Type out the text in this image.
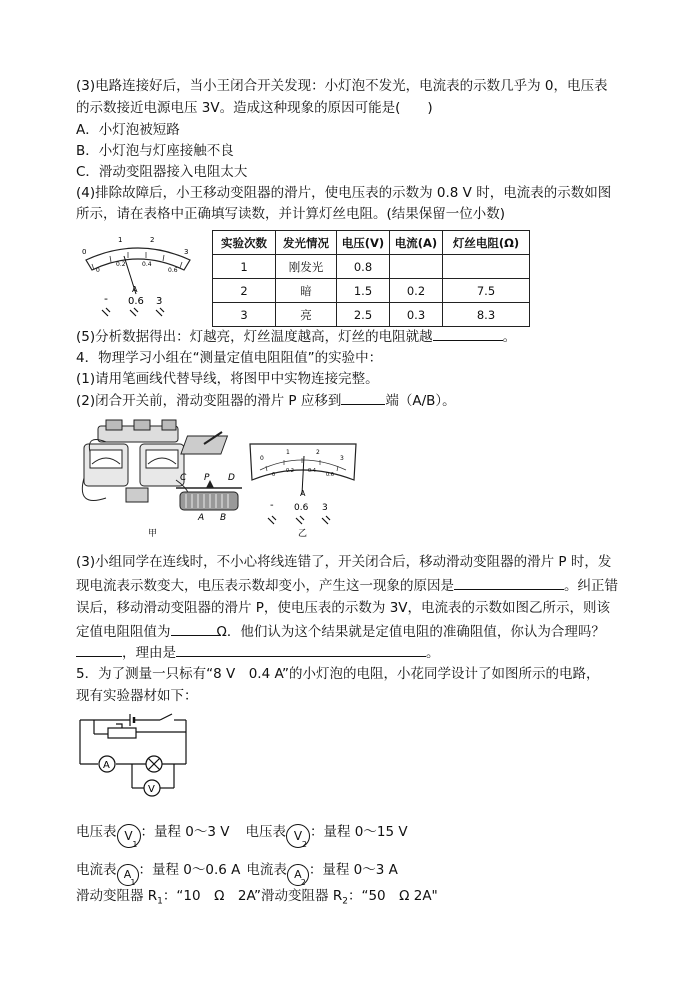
(3)电路连接好后，当小王闭合开关发现：小灯泡不发光，电流表的示数几乎为 0，电压表
的示数接近电源电压 3V。造成这种现象的原因可能是(　　)
A．小灯泡被短路
B．小灯泡与灯座接触不良
C．滑动变阻器接入电阻太大
(4)排除故障后，小王移动变阻器的滑片，使电压表的示数为 0.8 V 时，电流表的示数如图
所示，请在表格中正确填写读数，并计算灯丝电阻。(结果保留一位小数)
0
1	2
3
0
0.2	0.4
0.6
A
- 0.6 3
实验次数	发光情况	电压(V)	电流(A)	灯丝电阻(Ω)
1	刚发光	0.8		
2	暗	1.5	0.2	7.5
3	亮	2.5	0.3	8.3
(5)分析数据得出：灯越亮，灯丝温度越高，灯丝的电阻就越	。
4．物理学习小组在“测量定值电阻阻值”的实验中：
(1)请用笔画线代替导线，将图甲中实物连接完整。
(2)闭合开关前，滑动变阻器的滑片 P 应移到	端（A/B）。
C P D
A B
甲
0
1	2
3
0
0.2	0.4
0.6
A
- 0.6 3
乙
(3)小组同学在连线时，不小心将线连错了，开关闭合后，移动滑动变阻器的滑片 P 时，发
现电流表示数变大，电压表示数却变小，产生这一现象的原因是	。纠正错
误后，移动滑动变阻器的滑片 P，使电压表的示数为 3V，电流表的示数如图乙所示，则该
定值电阻阻值为	Ω．他们认为这个结果就是定值电阻的准确阻值，你认为合理吗？
，理由是	。
5．为了测量一只标有“8 V　0.4 A”的小灯泡的电阻，小花同学设计了如图所示的电路，
现有实验器材如下：
A
V
电压表 V
1
：量程 0～3 V 电压表 V
2
：量程 0～15 V
电流表 A
1
：量程 0～0.6 A 电流表 A
2
：量程 0～3 A
滑动变阻器 $R_1$：“10　Ω　2A”滑动变阻器 $R_2$：“50　Ω 2A"
